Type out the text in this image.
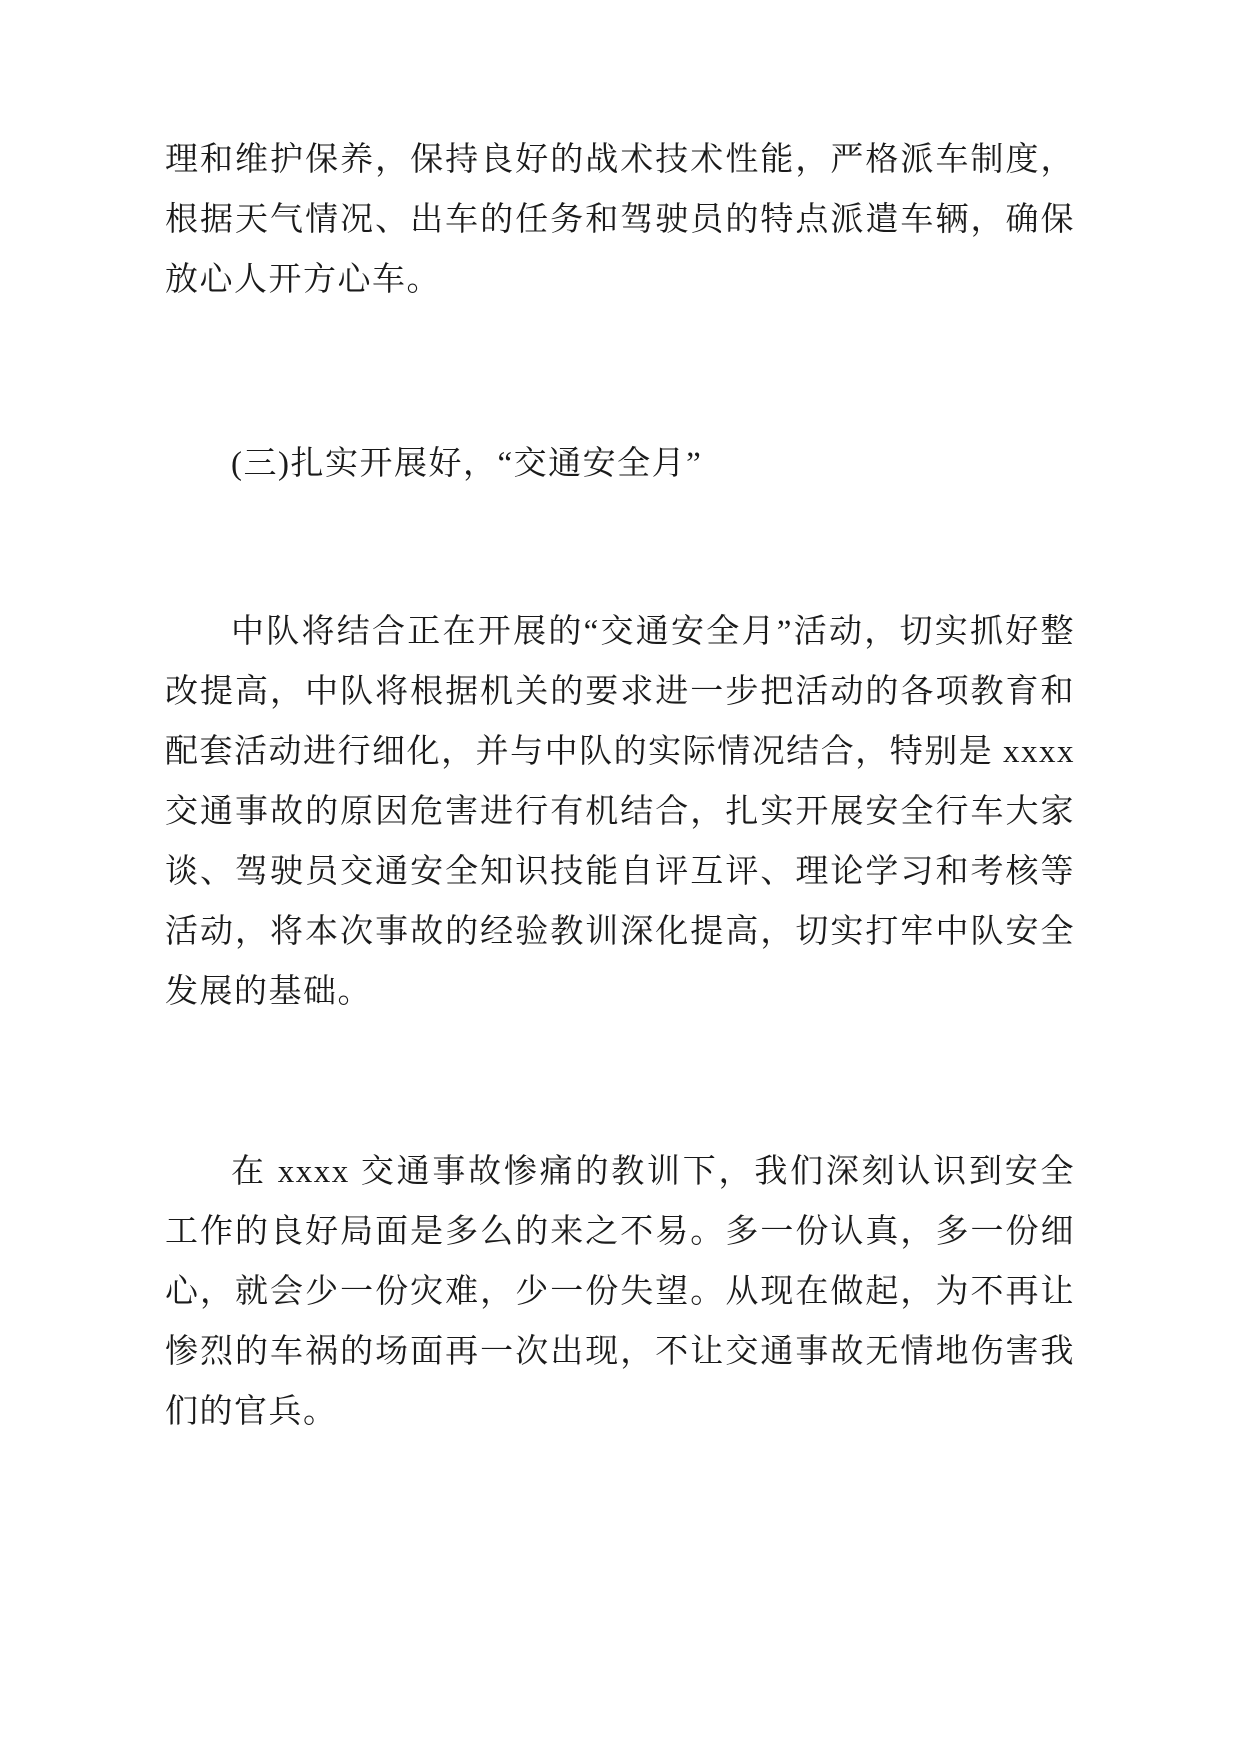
理和维护保养，保持良好的战术技术性能，严格派车制度，根据天气情况、出车的任务和驾驶员的特点派遣车辆，确保放心人开方心车。

(三)扎实开展好，“交通安全月”

中队将结合正在开展的“交通安全月”活动，切实抓好整改提高，中队将根据机关的要求进一步把活动的各项教育和配套活动进行细化，并与中队的实际情况结合，特别是 xxxx 交通事故的原因危害进行有机结合，扎实开展安全行车大家谈、驾驶员交通安全知识技能自评互评、理论学习和考核等活动，将本次事故的经验教训深化提高，切实打牢中队安全发展的基础。

在 xxxx 交通事故惨痛的教训下，我们深刻认识到安全工作的良好局面是多么的来之不易。多一份认真，多一份细心，就会少一份灾难，少一份失望。从现在做起，为不再让惨烈的车祸的场面再一次出现，不让交通事故无情地伤害我们的官兵。
